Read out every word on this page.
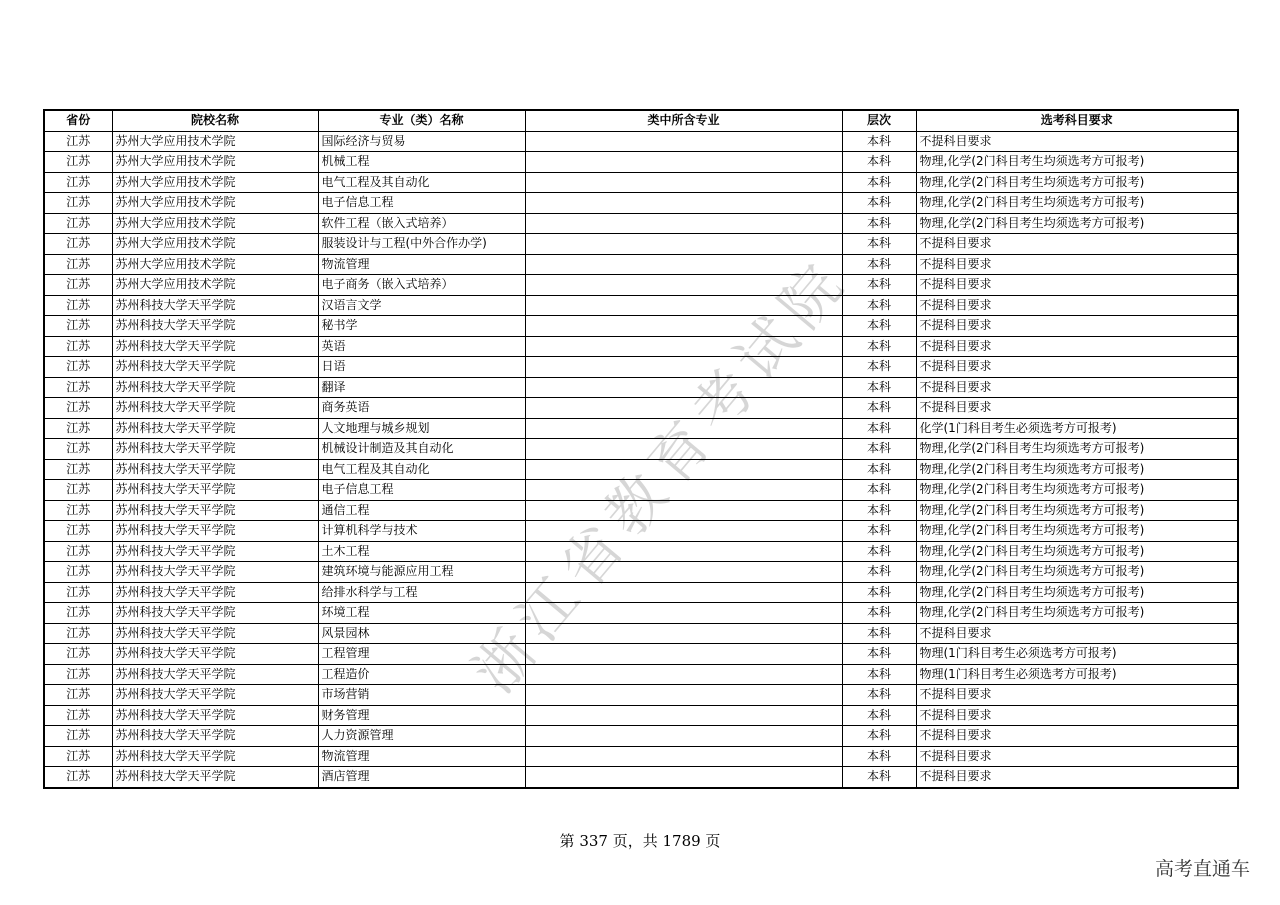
省份	院校名称	专业（类）名称	类中所含专业	层次	选考科目要求
江苏	苏州大学应用技术学院	国际经济与贸易		本科	不提科目要求
江苏	苏州大学应用技术学院	机械工程		本科	物理,化学(2门科目考生均须选考方可报考)
江苏	苏州大学应用技术学院	电气工程及其自动化		本科	物理,化学(2门科目考生均须选考方可报考)
江苏	苏州大学应用技术学院	电子信息工程		本科	物理,化学(2门科目考生均须选考方可报考)
江苏	苏州大学应用技术学院	软件工程（嵌入式培养）		本科	物理,化学(2门科目考生均须选考方可报考)
江苏	苏州大学应用技术学院	服装设计与工程(中外合作办学)		本科	不提科目要求
江苏	苏州大学应用技术学院	物流管理		本科	不提科目要求
江苏	苏州大学应用技术学院	电子商务（嵌入式培养）		本科	不提科目要求
江苏	苏州科技大学天平学院	汉语言文学		本科	不提科目要求
江苏	苏州科技大学天平学院	秘书学		本科	不提科目要求
江苏	苏州科技大学天平学院	英语		本科	不提科目要求
江苏	苏州科技大学天平学院	日语		本科	不提科目要求
江苏	苏州科技大学天平学院	翻译		本科	不提科目要求
江苏	苏州科技大学天平学院	商务英语		本科	不提科目要求
江苏	苏州科技大学天平学院	人文地理与城乡规划		本科	化学(1门科目考生必须选考方可报考)
江苏	苏州科技大学天平学院	机械设计制造及其自动化		本科	物理,化学(2门科目考生均须选考方可报考)
江苏	苏州科技大学天平学院	电气工程及其自动化		本科	物理,化学(2门科目考生均须选考方可报考)
江苏	苏州科技大学天平学院	电子信息工程		本科	物理,化学(2门科目考生均须选考方可报考)
江苏	苏州科技大学天平学院	通信工程		本科	物理,化学(2门科目考生均须选考方可报考)
江苏	苏州科技大学天平学院	计算机科学与技术		本科	物理,化学(2门科目考生均须选考方可报考)
江苏	苏州科技大学天平学院	土木工程		本科	物理,化学(2门科目考生均须选考方可报考)
江苏	苏州科技大学天平学院	建筑环境与能源应用工程		本科	物理,化学(2门科目考生均须选考方可报考)
江苏	苏州科技大学天平学院	给排水科学与工程		本科	物理,化学(2门科目考生均须选考方可报考)
江苏	苏州科技大学天平学院	环境工程		本科	物理,化学(2门科目考生均须选考方可报考)
江苏	苏州科技大学天平学院	风景园林		本科	不提科目要求
江苏	苏州科技大学天平学院	工程管理		本科	物理(1门科目考生必须选考方可报考)
江苏	苏州科技大学天平学院	工程造价		本科	物理(1门科目考生必须选考方可报考)
江苏	苏州科技大学天平学院	市场营销		本科	不提科目要求
江苏	苏州科技大学天平学院	财务管理		本科	不提科目要求
江苏	苏州科技大学天平学院	人力资源管理		本科	不提科目要求
江苏	苏州科技大学天平学院	物流管理		本科	不提科目要求
江苏	苏州科技大学天平学院	酒店管理		本科	不提科目要求
浙江省教育考试院
第 337 页，共 1789 页
高考直通车
